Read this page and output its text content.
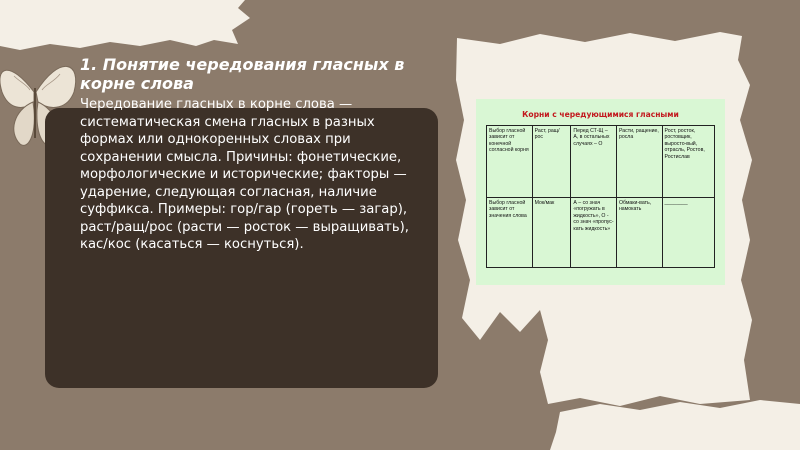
1. Понятие чередования гласных в корне слова
Чередование гласных в корне слова — систематическая смена гласных в разных формах или однокоренных словах при сохранении смысла. Причины: фонетические, морфологические и исторические; факторы — ударение, следующая согласная, наличие суффикса. Примеры: гор/гар (гореть — загар), раст/ращ/рос (расти — росток — выращивать), кас/кос (касаться — коснуться).
Корни с чередующимися гласными
Выбор гласной зависит от конечной согласной корня	Раст, ращ/ рос	Перед СТ-Щ – А, в остальных случаях – О	Расти, ращение, росла	Рост, росток, ростовщик, выросто-вый, отрасль, Ростов, Ростислав
Выбор гласной зависит от значения слова	Мок/мак	А – со знач «погружать в жидкость», О - со знач «пропус-кать жидкость»	Обмаки-вать, намокать	________
